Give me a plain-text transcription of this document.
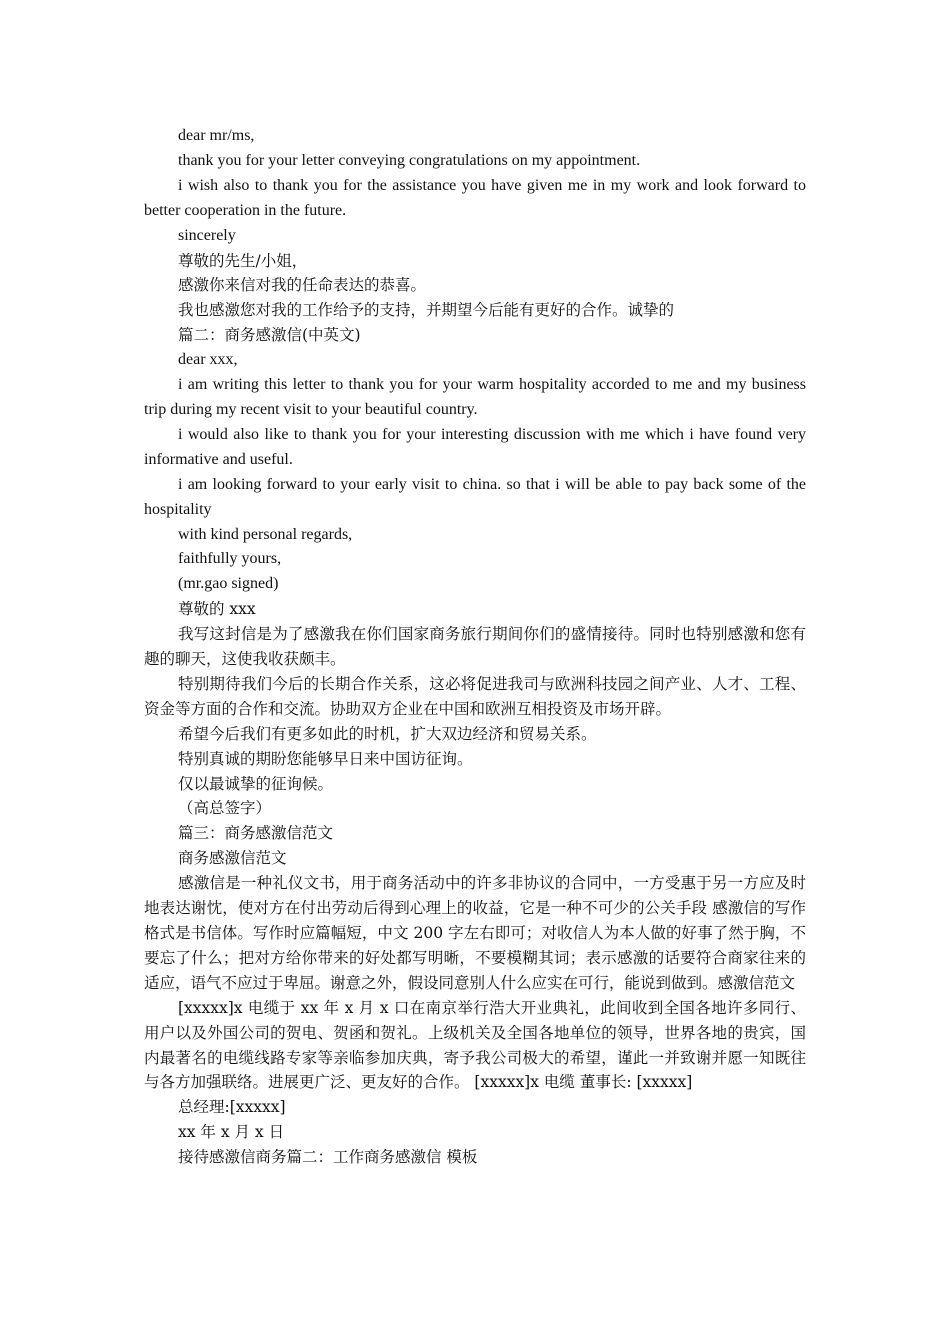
dear mr/ms,

thank you for your letter conveying congratulations on my appointment.

i wish also to thank you for the assistance you have given me in my work and look forward to better cooperation in the future.

sincerely

尊敬的先生/小姐，

感激你来信对我的任命表达的恭喜。

我也感激您对我的工作给予的支持，并期望今后能有更好的合作。诚挚的

篇二：商务感激信(中英文)

dear xxx,

i am writing this letter to thank you for your warm hospitality accorded to me and my business trip during my recent visit to your beautiful country.

i would also like to thank you for your interesting discussion with me which i have found very informative and useful.

i am looking forward to your early visit to china. so that i will be able to pay back some of the hospitality

with kind personal regards,

faithfully yours,

(mr.gao signed)

尊敬的 xxx

我写这封信是为了感激我在你们国家商务旅行期间你们的盛情接待。同时也特别感激和您有趣的聊天，这使我收获颇丰。

特别期待我们今后的长期合作关系，这必将促进我司与欧洲科技园之间产业、人才、工程、资金等方面的合作和交流。协助双方企业在中国和欧洲互相投资及市场开辟。

希望今后我们有更多如此的时机，扩大双边经济和贸易关系。

特别真诚的期盼您能够早日来中国访征询。

仅以最诚挚的征询候。

（高总签字）

篇三：商务感激信范文

商务感激信范文

感激信是一种礼仪文书，用于商务活动中的许多非协议的合同中，一方受惠于另一方应及时地表达谢忱，使对方在付出劳动后得到心理上的收益，它是一种不可少的公关手段 感激信的写作格式是书信体。写作时应篇幅短，中文 200 字左右即可；对收信人为本人做的好事了然于胸，不要忘了什么；把对方给你带来的好处都写明晰，不要模糊其词；表示感激的话要符合商家往来的适应，语气不应过于卑屈。谢意之外，假设同意别人什么应实在可行，能说到做到。感激信范文

[xxxxx]x 电缆于 xx 年 x 月 x 口在南京举行浩大开业典礼，此间收到全国各地许多同行、用户以及外国公司的贺电、贺函和贺礼。上级机关及全国各地单位的领导，世界各地的贵宾，国内最著名的电缆线路专家等亲临参加庆典，寄予我公司极大的希望，谨此一并致谢并愿一知既往与各方加强联络。进展更广泛、更友好的合作。 [xxxxx]x 电缆 董事长: [xxxxx]

总经理:[xxxxx]

xx 年 x 月 x 日

接待感激信商务篇二：工作商务感激信 模板
